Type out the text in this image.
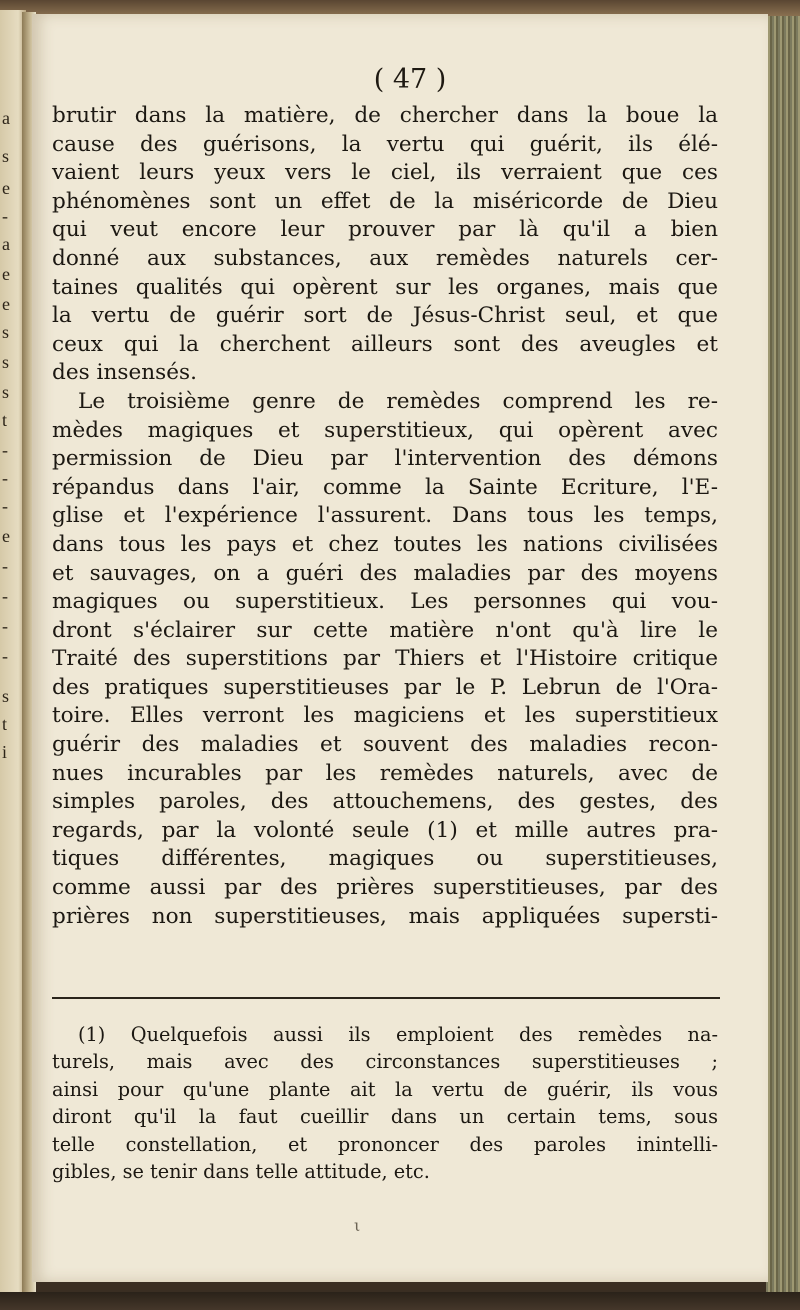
a
s
e
-
a
e
e
s
s
s
t
-
-
-
e
-
-
-
-
s
t
i
( 47 )
brutir dans la matière, de chercher dans la boue la
cause des guérisons, la vertu qui guérit, ils élé-
vaient leurs yeux vers le ciel, ils verraient que ces
phénomènes sont un effet de la miséricorde de Dieu
qui veut encore leur prouver par là qu'il a bien
donné aux substances, aux remèdes naturels cer-
taines qualités qui opèrent sur les organes, mais que
la vertu de guérir sort de Jésus-Christ seul, et que
ceux qui la cherchent ailleurs sont des aveugles et
des insensés.
Le troisième genre de remèdes comprend les re-
mèdes magiques et superstitieux, qui opèrent avec
permission de Dieu par l'intervention des démons
répandus dans l'air, comme la Sainte Ecriture, l'E-
glise et l'expérience l'assurent. Dans tous les temps,
dans tous les pays et chez toutes les nations civilisées
et sauvages, on a guéri des maladies par des moyens
magiques ou superstitieux. Les personnes qui vou-
dront s'éclairer sur cette matière n'ont qu'à lire le
Traité des superstitions par Thiers et l'Histoire critique
des pratiques superstitieuses par le P. Lebrun de l'Ora-
toire. Elles verront les magiciens et les superstitieux
guérir des maladies et souvent des maladies recon-
nues incurables par les remèdes naturels, avec de
simples paroles, des attouchemens, des gestes, des
regards, par la volonté seule (1) et mille autres pra-
tiques différentes, magiques ou superstitieuses,
comme aussi par des prières superstitieuses, par des
prières non superstitieuses, mais appliquées supersti-
(1) Quelquefois aussi ils emploient des remèdes na-
turels, mais avec des circonstances superstitieuses ;
ainsi pour qu'une plante ait la vertu de guérir, ils vous
diront qu'il la faut cueillir dans un certain tems, sous
telle constellation, et prononcer des paroles inintelli-
gibles, se tenir dans telle attitude, etc.
ι
